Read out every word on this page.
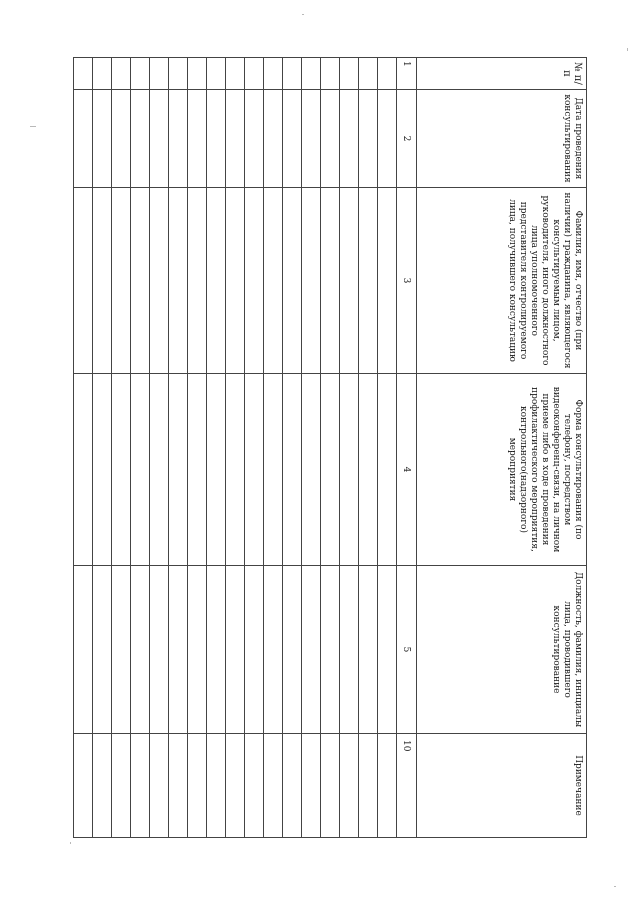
№ п/п	Дата проведения консультирования	Фамилия, имя, отчество (при наличии) гражданина, являющегося консультируемым лицом, руководителя, иного должностного лица уполномоченного представителя контролируемого лица, получившего консультацию	Форма консультирования (по телефону, посредством видеоконференц-связи, на личном приеме либо в ходе проведения профилактического мероприятия, контрольного(надзорного) мероприятия	Должность, фамилия, инициалы лица, проводившего консультирование	Примечание
1	2	3	4	5	10
